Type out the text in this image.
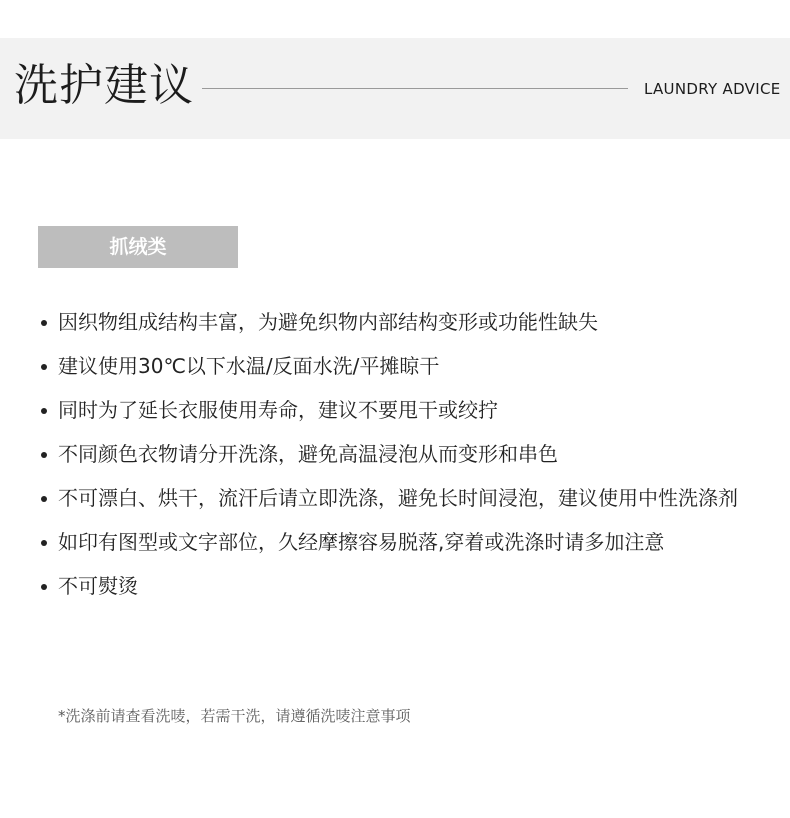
洗护建议	LAUNDRY ADVICE
抓绒类
因织物组成结构丰富，为避免织物内部结构变形或功能性缺失
建议使用30℃以下水温/反面水洗/平摊晾干
同时为了延长衣服使用寿命，建议不要甩干或绞拧
不同颜色衣物请分开洗涤，避免高温浸泡从而变形和串色
不可漂白、烘干，流汗后请立即洗涤，避免长时间浸泡，建议使用中性洗涤剂
如印有图型或文字部位，久经摩擦容易脱落,穿着或洗涤时请多加注意
不可熨烫
*洗涤前请查看洗唛，若需干洗，请遵循洗唛注意事项
